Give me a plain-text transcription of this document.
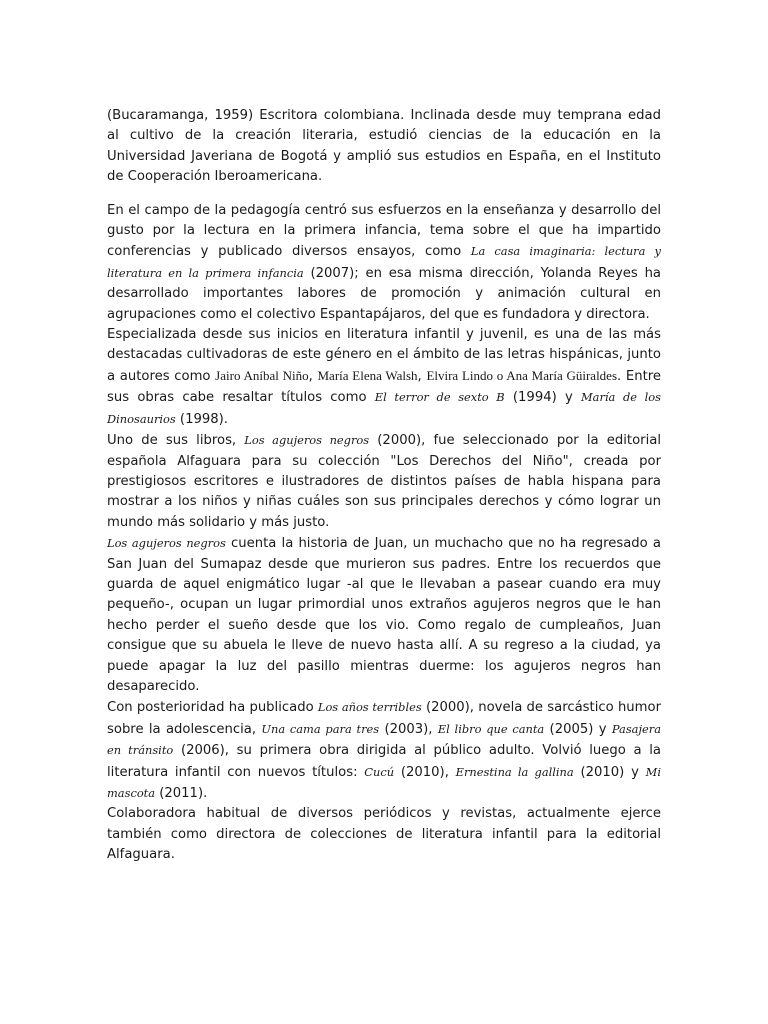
(Bucaramanga, 1959) Escritora colombiana. Inclinada desde muy temprana edad al cultivo de la creación literaria, estudió ciencias de la educación en la Universidad Javeriana de Bogotá y amplió sus estudios en España, en el Instituto de Cooperación Iberoamericana.

En el campo de la pedagogía centró sus esfuerzos en la enseñanza y desarrollo del gusto por la lectura en la primera infancia, tema sobre el que ha impartido conferencias y publicado diversos ensayos, como La casa imaginaria: lectura y literatura en la primera infancia (2007); en esa misma dirección, Yolanda Reyes ha desarrollado importantes labores de promoción y animación cultural en agrupaciones como el colectivo Espantapájaros, del que es fundadora y directora.

Especializada desde sus inicios en literatura infantil y juvenil, es una de las más destacadas cultivadoras de este género en el ámbito de las letras hispánicas, junto a autores como Jairo Aníbal Niño, María Elena Walsh, Elvira Lindo o Ana María Güiraldes. Entre sus obras cabe resaltar títulos como El terror de sexto B (1994) y María de los Dinosaurios (1998).

Uno de sus libros, Los agujeros negros (2000), fue seleccionado por la editorial española Alfaguara para su colección "Los Derechos del Niño", creada por prestigiosos escritores e ilustradores de distintos países de habla hispana para mostrar a los niños y niñas cuáles son sus principales derechos y cómo lograr un mundo más solidario y más justo.

Los agujeros negros cuenta la historia de Juan, un muchacho que no ha regresado a San Juan del Sumapaz desde que murieron sus padres. Entre los recuerdos que guarda de aquel enigmático lugar -al que le llevaban a pasear cuando era muy pequeño-, ocupan un lugar primordial unos extraños agujeros negros que le han hecho perder el sueño desde que los vio. Como regalo de cumpleaños, Juan consigue que su abuela le lleve de nuevo hasta allí. A su regreso a la ciudad, ya puede apagar la luz del pasillo mientras duerme: los agujeros negros han desaparecido.

Con posterioridad ha publicado Los años terribles (2000), novela de sarcástico humor sobre la adolescencia, Una cama para tres (2003), El libro que canta (2005) y Pasajera en tránsito (2006), su primera obra dirigida al público adulto. Volvió luego a la literatura infantil con nuevos títulos: Cucú (2010), Ernestina la gallina (2010) y Mi mascota (2011).

Colaboradora habitual de diversos periódicos y revistas, actualmente ejerce también como directora de colecciones de literatura infantil para la editorial Alfaguara.
